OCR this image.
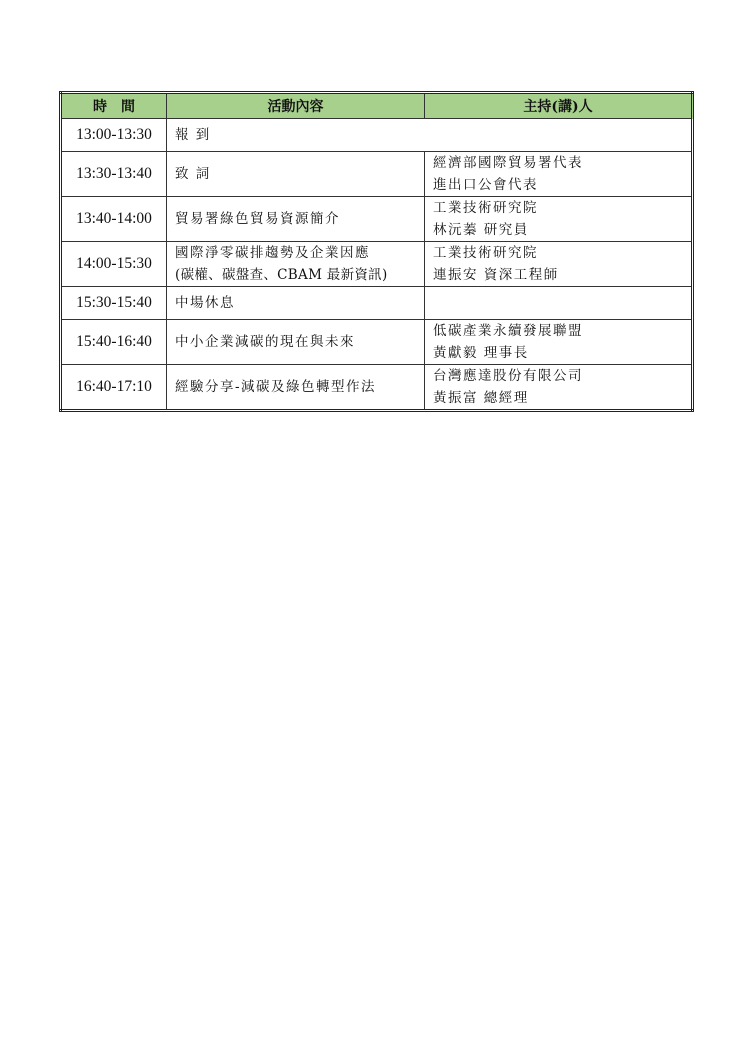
時　間	活動內容	主持(講)人
13:00-13:30	報 到	

13:30-13:40	致 詞	經濟部國際貿易署代表
進出口公會代表

13:40-14:00	貿易署綠色貿易資源簡介	工業技術研究院
林沅蓁 研究員

14:00-15:30	國際淨零碳排趨勢及企業因應
(碳權、碳盤查、CBAM 最新資訊)	工業技術研究院
連振安 資深工程師

15:30-15:40	中場休息	

15:40-16:40	中小企業減碳的現在與未來	低碳產業永續發展聯盟
黃獻毅 理事長

16:40-17:10	經驗分享-減碳及綠色轉型作法	台灣應達股份有限公司
黃振富 總經理
